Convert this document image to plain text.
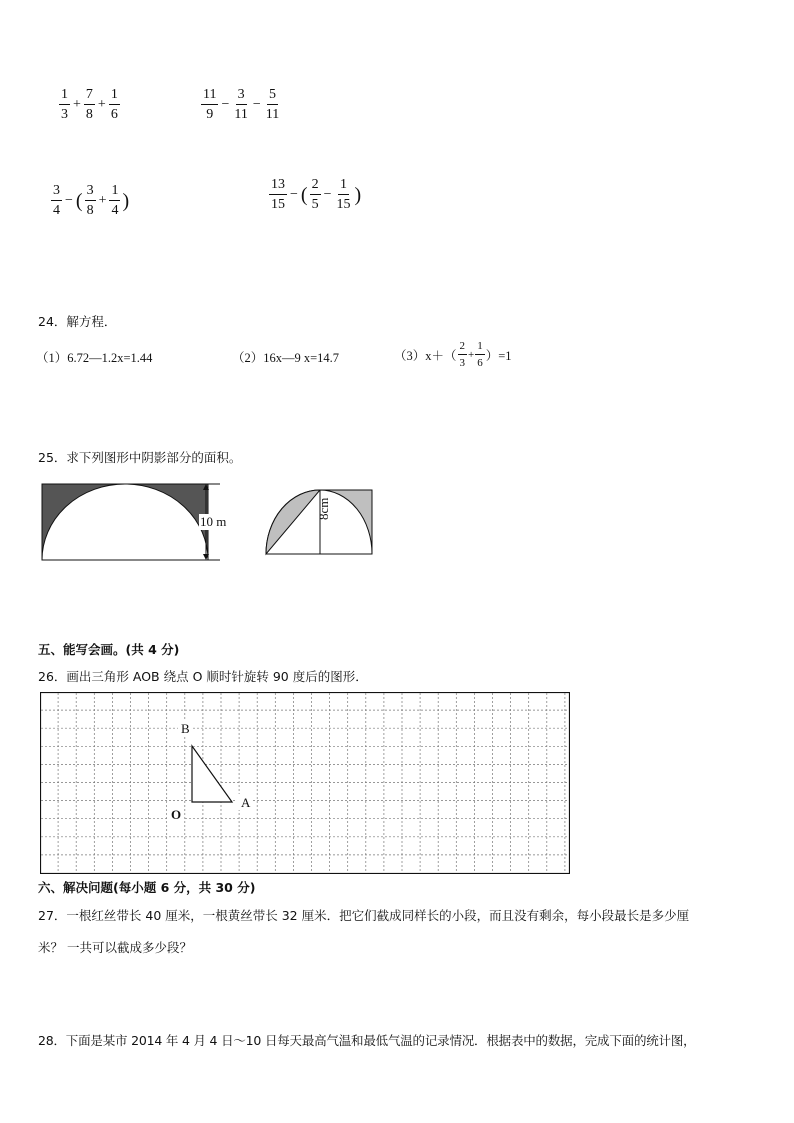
$\frac{1}{3} + \frac{7}{8} + \frac{1}{6}$	$\frac{11}{9} - \frac{3}{11} - \frac{5}{11}$
$\frac{3}{4}$ − ( $\frac{3}{8} + \frac{1}{4}$ )	$\frac{13}{15}$ − ( $\frac{2}{5} - \frac{1}{15}$ )
24．解方程．
（1）6.72—1.2x=1.44	（2）16x—9 x=14.7	$(3)x+( \frac{2}{3} + \frac{1}{6} )=1$
25．求下列图形中阴影部分的面积。
10 m
8cm
五、能写会画。(共 4 分)
26．画出三角形 AOB 绕点 O 顺时针旋转 90 度后的图形．
B
A
O
六、解决问题(每小题 6 分，共 30 分)
27．一根红丝带长 40 厘米，一根黄丝带长 32 厘米．把它们截成同样长的小段，而且没有剩余，每小段最长是多少厘
米？ 一共可以截成多少段？
28．下面是某市 2014 年 4 月 4 日～10 日每天最高气温和最低气温的记录情况．根据表中的数据，完成下面的统计图，
